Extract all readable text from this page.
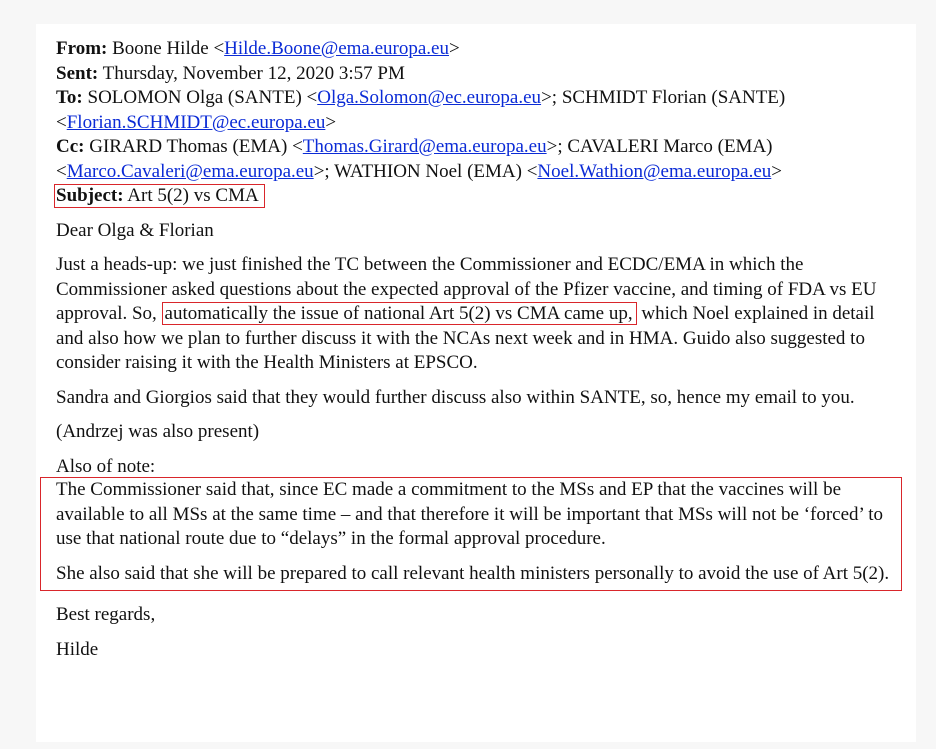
From: Boone Hilde <Hilde.Boone@ema.europa.eu>
Sent: Thursday, November 12, 2020 3:57 PM
To: SOLOMON Olga (SANTE) <Olga.Solomon@ec.europa.eu>; SCHMIDT Florian (SANTE)
<Florian.SCHMIDT@ec.europa.eu>
Cc: GIRARD Thomas (EMA) <Thomas.Girard@ema.europa.eu>; CAVALERI Marco (EMA)
<Marco.Cavaleri@ema.europa.eu>; WATHION Noel (EMA) <Noel.Wathion@ema.europa.eu>
Subject: Art 5(2) vs CMA

Dear Olga & Florian

Just a heads-up: we just finished the TC between the Commissioner and ECDC/EMA in which the Commissioner asked questions about the expected approval of the Pfizer vaccine, and timing of FDA vs EU approval. So, automatically the issue of national Art 5(2) vs CMA came up, which Noel explained in detail and also how we plan to further discuss it with the NCAs next week and in HMA. Guido also suggested to consider raising it with the Health Ministers at EPSCO.

Sandra and Giorgios said that they would further discuss also within SANTE, so, hence my email to you.

(Andrzej was also present)

Also of note:

The Commissioner said that, since EC made a commitment to the MSs and EP that the vaccines will be available to all MSs at the same time – and that therefore it will be important that MSs will not be ‘forced’ to use that national route due to “delays” in the formal approval procedure.

She also said that she will be prepared to call relevant health ministers personally to avoid the use of Art 5(2).

Best regards,

Hilde
